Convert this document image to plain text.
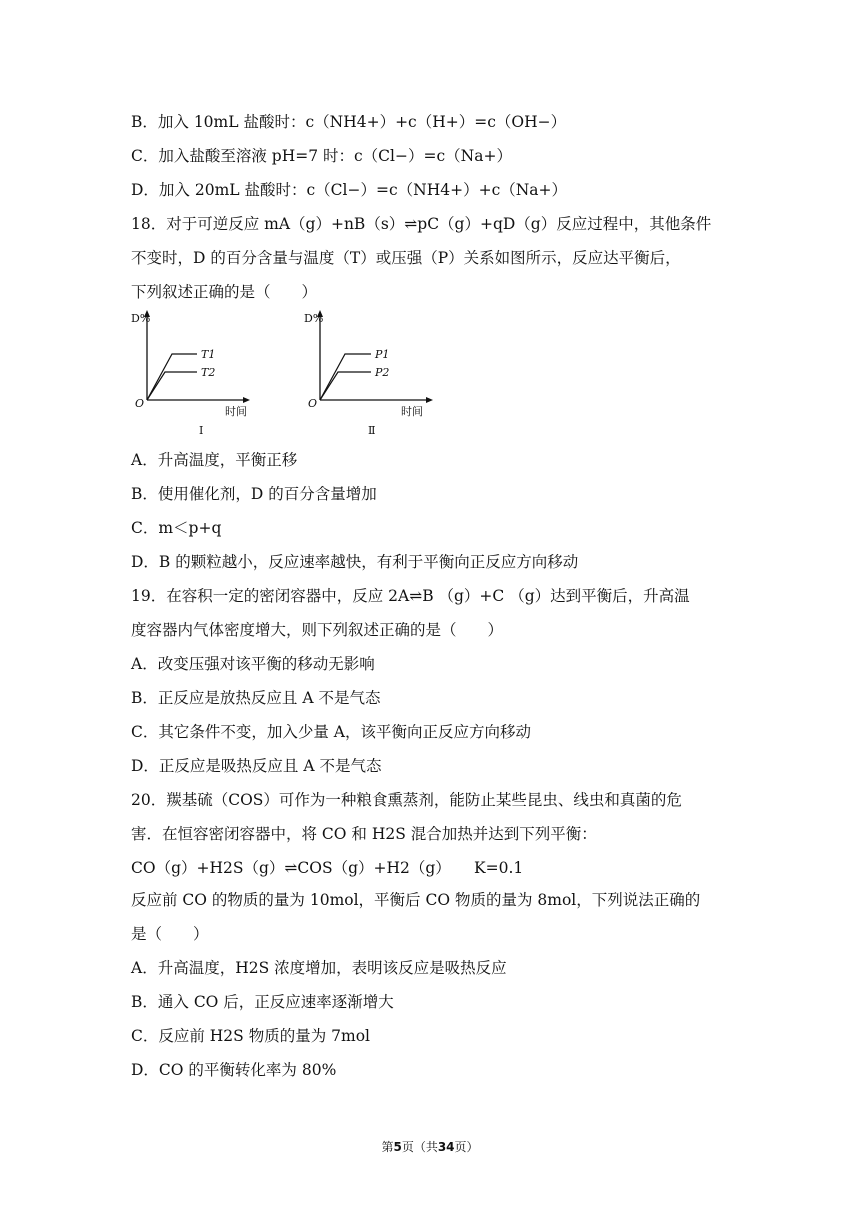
B．加入 10mL 盐酸时：c（NH4+）+c（H+）=c（OH−）
C．加入盐酸至溶液 pH=7 时：c（Cl−）=c（Na+）
D．加入 20mL 盐酸时：c（Cl−）=c（NH4+）+c（Na+）
18．对于可逆反应 mA（g）+nB（s）⇌pC（g）+qD（g）反应过程中，其他条件
不变时，D 的百分含量与温度（T）或压强（P）关系如图所示，反应达平衡后，
下列叙述正确的是（　　）
D%
O
时间
T1
T2
Ⅰ
D%
O
时间
P1
P2
Ⅱ
A．升高温度，平衡正移
B．使用催化剂，D 的百分含量增加
C．m＜p+q
D．B 的颗粒越小，反应速率越快，有利于平衡向正反应方向移动
19．在容积一定的密闭容器中，反应 2A⇌B （g）+C （g）达到平衡后，升高温
度容器内气体密度增大，则下列叙述正确的是（　　）
A．改变压强对该平衡的移动无影响
B．正反应是放热反应且 A 不是气态
C．其它条件不变，加入少量 A，该平衡向正反应方向移动
D．正反应是吸热反应且 A 不是气态
20．羰基硫（COS）可作为一种粮食熏蒸剂，能防止某些昆虫、线虫和真菌的危
害．在恒容密闭容器中，将 CO 和 H2S 混合加热并达到下列平衡：
CO（g）+H2S（g）⇌COS（g）+H2（g）　　K=0.1
反应前 CO 的物质的量为 10mol，平衡后 CO 物质的量为 8mol，下列说法正确的
是（　　）
A．升高温度，H2S 浓度增加，表明该反应是吸热反应
B．通入 CO 后，正反应速率逐渐增大
C．反应前 H2S 物质的量为 7mol
D．CO 的平衡转化率为 80%
第5页（共34页）
